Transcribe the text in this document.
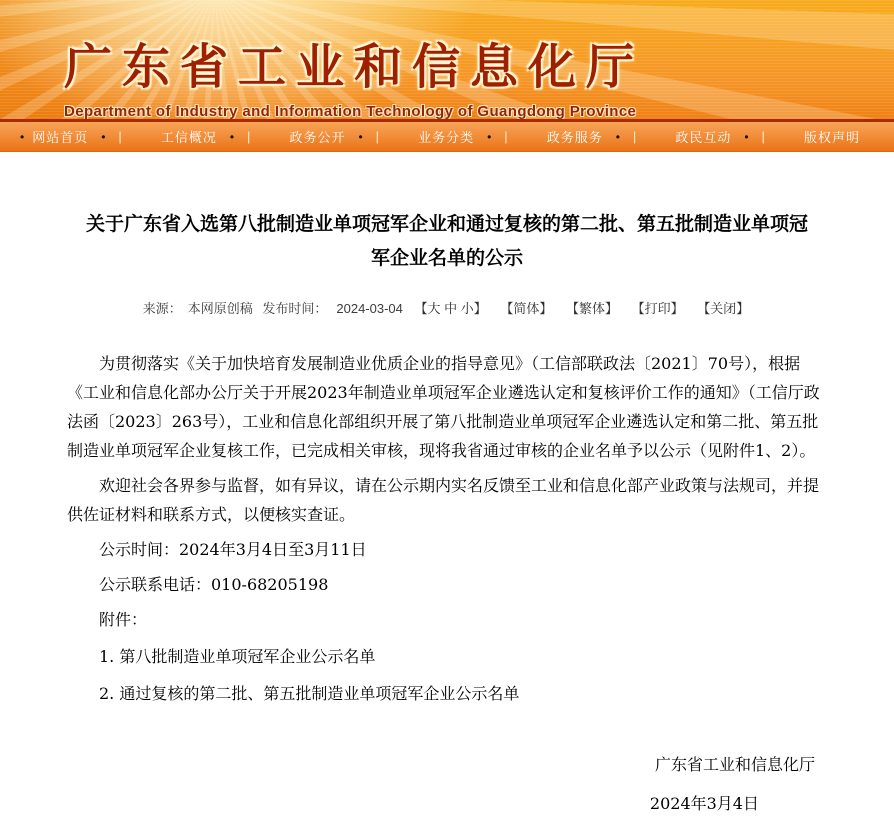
广东省工业和信息化厅
Department of Industry and Information Technology of Guangdong Province
• 网站首页 • |	工信概况 • |	政务公开 • |	业务分类 • |	政务服务 • |	政民互动 • |	版权声明
关于广东省入选第八批制造业单项冠军企业和通过复核的第二批、第五批制造业单项冠军企业名单的公示
来源： 本网原创稿 发布时间： 2024-03-04 【大 中 小】 【简体】 【繁体】 【打印】 【关闭】

为贯彻落实《关于加快培育发展制造业优质企业的指导意见》（工信部联政法〔2021〕70号），根据《工业和信息化部办公厅关于开展2023年制造业单项冠军企业遴选认定和复核评价工作的通知》（工信厅政法函〔2023〕263号），工业和信息化部组织开展了第八批制造业单项冠军企业遴选认定和第二批、第五批制造业单项冠军企业复核工作，已完成相关审核，现将我省通过审核的企业名单予以公示（见附件1、2）。

欢迎社会各界参与监督，如有异议，请在公示期内实名反馈至工业和信息化部产业政策与法规司，并提供佐证材料和联系方式，以便核实查证。

公示时间：2024年3月4日至3月11日

公示联系电话：010-68205198

附件：

1. 第八批制造业单项冠军企业公示名单
2. 通过复核的第二批、第五批制造业单项冠军企业公示名单

广东省工业和信息化厅

2024年3月4日
